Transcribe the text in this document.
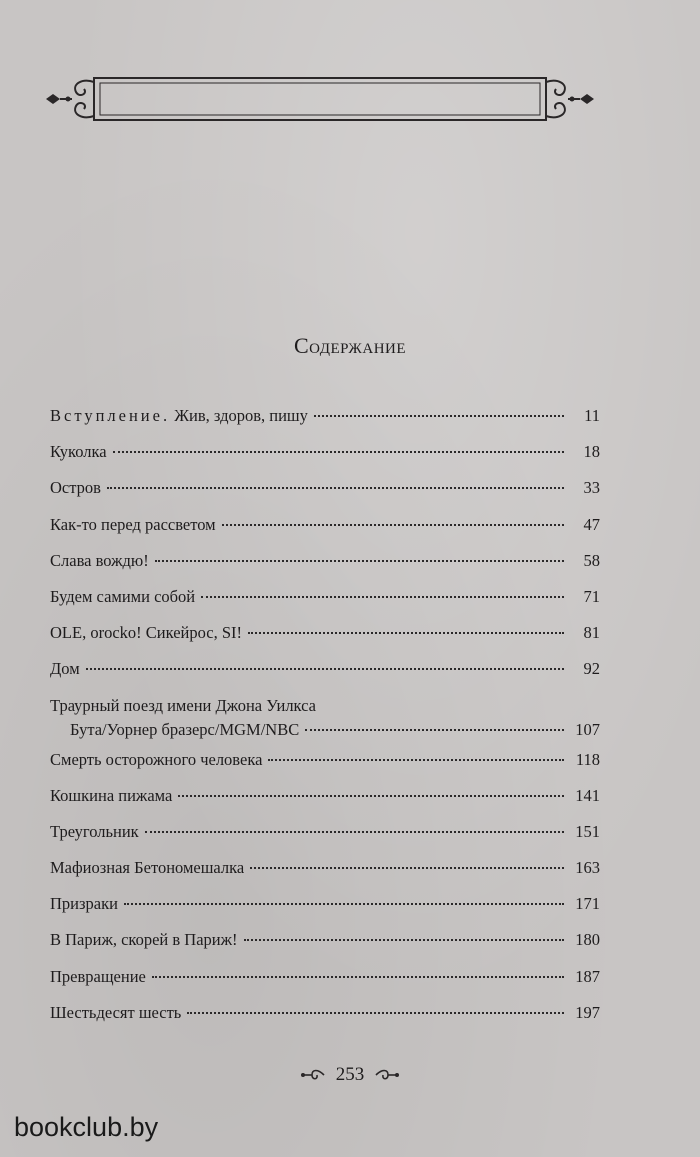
Содержание
Вступление. Жив, здоров, пишу	11
Куколка	18
Остров	33
Как-то перед рассветом	47
Слава вождю!	58
Будем самими собой	71
OLE, orocko! Сикейрос, SI!	81
Дом	92
Траурный поезд имени Джона Уилкса
Бута/Уорнер бразерс/MGM/NBC	107
Смерть осторожного человека	118
Кошкина пижама	141
Треугольник	151
Мафиозная Бетономешалка	163
Призраки	171
В Париж, скорей в Париж!	180
Превращение	187
Шестьдесят шесть	197
253
bookclub.by
